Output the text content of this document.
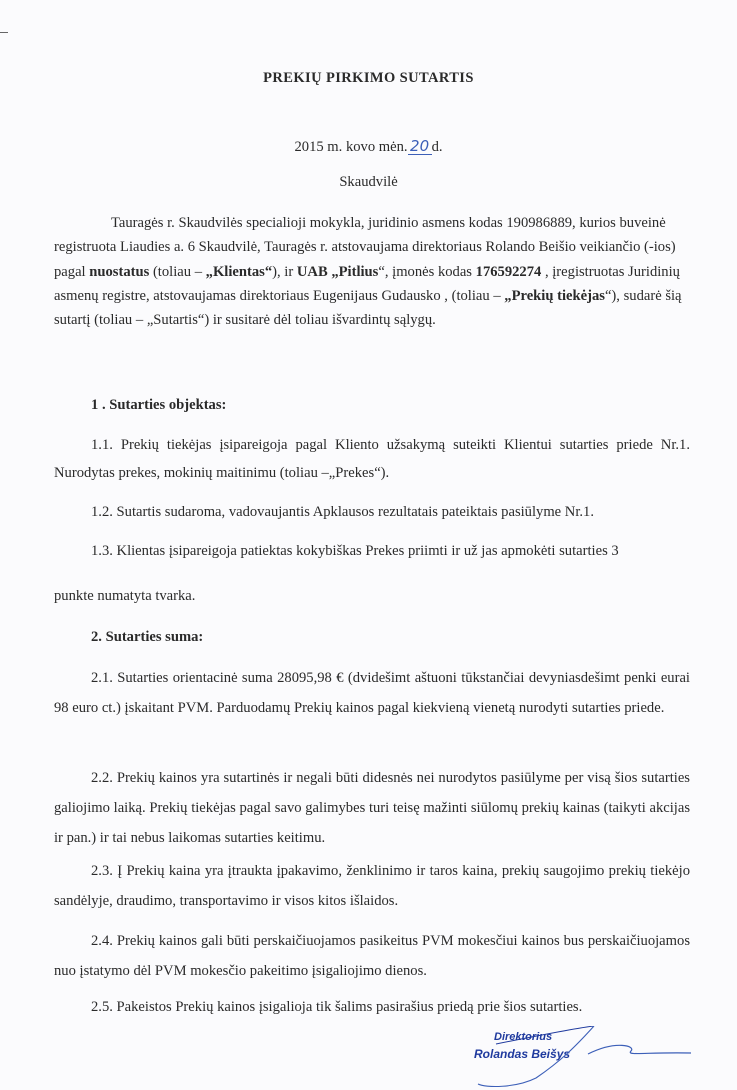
PREKIŲ PIRKIMO SUTARTIS

2015 m. kovo mėn. 20 d.

Skaudvilė

Tauragės r. Skaudvilės specialioji mokykla, juridinio asmens kodas 190986889, kurios buveinė registruota Liaudies a. 6 Skaudvilė, Tauragės r. atstovaujama direktoriaus Rolando Beišio veikiančio (-ios) pagal nuostatus (toliau – „Klientas“), ir UAB „Pitlius“, įmonės kodas 176592274 , įregistruotas Juridinių asmenų registre, atstovaujamas direktoriaus Eugenijaus Gudausko , (toliau – „Prekių tiekėjas“), sudarė šią sutartį (toliau – „Sutartis“) ir susitarė dėl toliau išvardintų sąlygų.

1 . Sutarties objektas:

1.1. Prekių tiekėjas įsipareigoja pagal Kliento užsakymą suteikti Klientui sutarties priede Nr.1. Nurodytas prekes, mokinių maitinimu (toliau –„Prekes“).

1.2. Sutartis sudaroma, vadovaujantis Apklausos rezultatais pateiktais pasiūlyme Nr.1.

1.3. Klientas įsipareigoja patiektas kokybiškas Prekes priimti ir už jas apmokėti sutarties 3

punkte numatyta tvarka.

2. Sutarties suma:

2.1. Sutarties orientacinė suma 28095,98 € (dvidešimt aštuoni tūkstančiai devyniasdešimt penki eurai 98 euro ct.) įskaitant PVM. Parduodamų Prekių kainos pagal kiekvieną vienetą nurodyti sutarties priede.

2.2. Prekių kainos yra sutartinės ir negali būti didesnės nei nurodytos pasiūlyme per visą šios sutarties galiojimo laiką. Prekių tiekėjas pagal savo galimybes turi teisę mažinti siūlomų prekių kainas (taikyti akcijas ir pan.) ir tai nebus laikomas sutarties keitimu.

2.3. Į Prekių kaina yra įtraukta įpakavimo, ženklinimo ir taros kaina, prekių saugojimo prekių tiekėjo sandėlyje, draudimo, transportavimo ir visos kitos išlaidos.

2.4. Prekių kainos gali būti perskaičiuojamos pasikeitus PVM mokesčiui kainos bus perskaičiuojamos nuo įstatymo dėl PVM mokesčio pakeitimo įsigaliojimo dienos.

2.5. Pakeistos Prekių kainos įsigalioja tik šalims pasirašius priedą prie šios sutarties.

Direktorius
Rolandas Beišys
